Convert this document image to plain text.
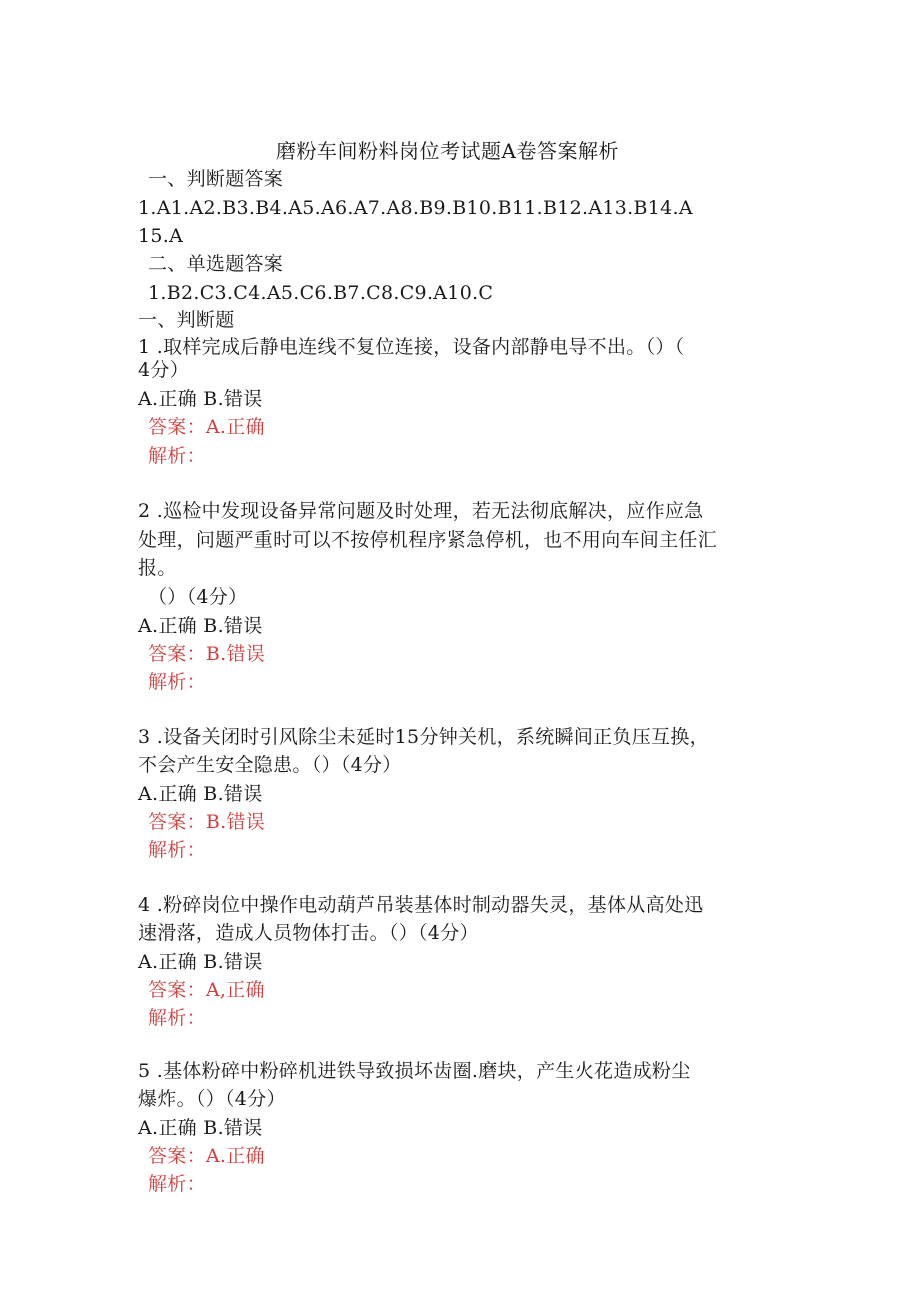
磨粉车间粉料岗位考试题A卷答案解析
一、判断题答案
1.A1.A2.B3.B4.A5.A6.A7.A8.B9.B10.B11.B12.A13.B14.A
15.A
二、单选题答案
1.B2.C3.C4.A5.C6.B7.C8.C9.A10.C
一、判断题
1 .取样完成后静电连线不复位连接，设备内部静电导不出。（）（
4分）
A.正确 B.错误
答案：A.正确
解析：
2 .巡检中发现设备异常问题及时处理，若无法彻底解决，应作应急
处理，问题严重时可以不按停机程序紧急停机，也不用向车间主任汇
报。
（）（4分）
A.正确 B.错误
答案：B.错误
解析：
3 .设备关闭时引风除尘未延时15分钟关机，系统瞬间正负压互换，
不会产生安全隐患。（）（4分）
A.正确 B.错误
答案：B.错误
解析：
4 .粉碎岗位中操作电动葫芦吊装基体时制动器失灵，基体从高处迅
速滑落，造成人员物体打击。（）（4分）
A.正确 B.错误
答案：A,正确
解析：
5 .基体粉碎中粉碎机进铁导致损坏齿圈.磨块，产生火花造成粉尘
爆炸。（）（4分）
A.正确 B.错误
答案：A.正确
解析：
